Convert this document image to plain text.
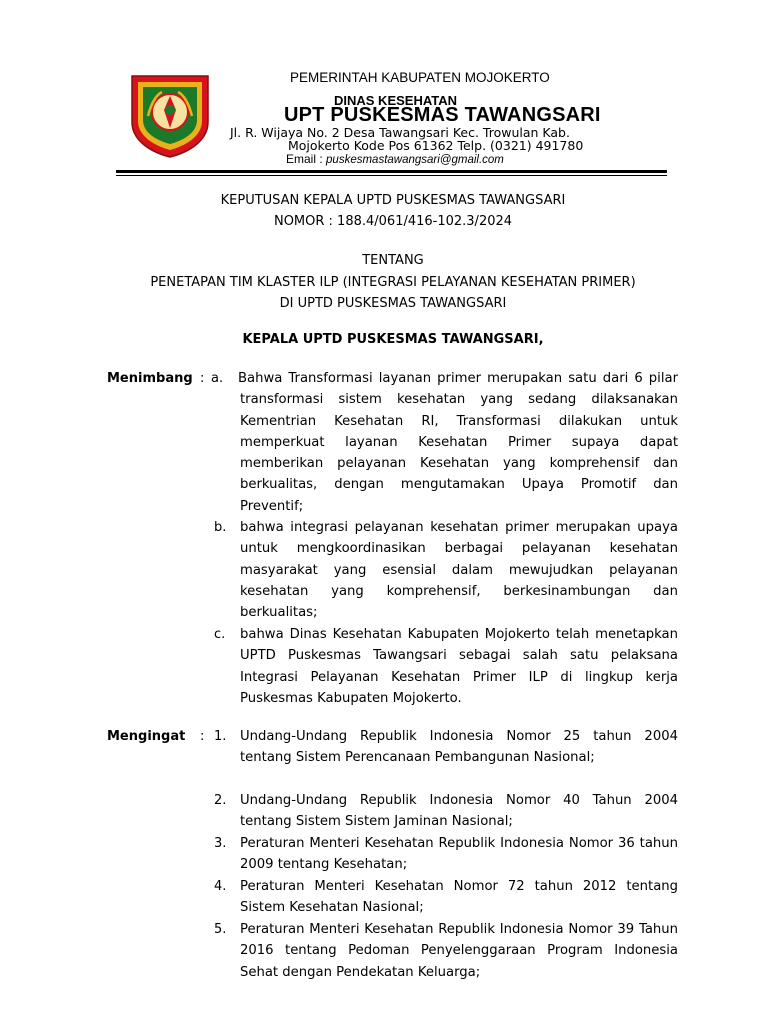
PEMERINTAH KABUPATEN MOJOKERTO
DINAS KESEHATAN
UPT PUSKESMAS TAWANGSARI
Jl. R. Wijaya No. 2 Desa Tawangsari Kec. Trowulan Kab.
Mojokerto Kode Pos 61362 Telp. (0321) 491780
Email : puskesmastawangsari@gmail.com
KEPUTUSAN KEPALA UPTD PUSKESMAS TAWANGSARI
NOMOR : 188.4/061/416-102.3/2024
TENTANG
PENETAPAN TIM KLASTER ILP (INTEGRASI PELAYANAN KESEHATAN PRIMER)
DI UPTD PUSKESMAS TAWANGSARI
KEPALA UPTD PUSKESMAS TAWANGSARI,
Menimbang : a. Bahwa Transformasi layanan primer merupakan satu dari 6 pilar transformasi sistem kesehatan yang sedang dilaksanakan Kementrian Kesehatan RI, Transformasi dilakukan untuk memperkuat layanan Kesehatan Primer supaya dapat memberikan pelayanan Kesehatan yang komprehensif dan berkualitas, dengan mengutamakan Upaya Promotif dan Preventif;
b. bahwa integrasi pelayanan kesehatan primer merupakan upaya untuk mengkoordinasikan berbagai pelayanan kesehatan masyarakat yang esensial dalam mewujudkan pelayanan kesehatan yang komprehensif, berkesinambungan dan berkualitas;
c. bahwa Dinas Kesehatan Kabupaten Mojokerto telah menetapkan UPTD Puskesmas Tawangsari sebagai salah satu pelaksana Integrasi Pelayanan Kesehatan Primer ILP di lingkup kerja Puskesmas Kabupaten Mojokerto.
Mengingat : 1. Undang-Undang Republik Indonesia Nomor 25 tahun 2004 tentang Sistem Perencanaan Pembangunan Nasional;
2. Undang-Undang Republik Indonesia Nomor 40 Tahun 2004 tentang Sistem Sistem Jaminan Nasional;
3. Peraturan Menteri Kesehatan Republik Indonesia Nomor 36 tahun 2009 tentang Kesehatan;
4. Peraturan Menteri Kesehatan Nomor 72 tahun 2012 tentang Sistem Kesehatan Nasional;
5. Peraturan Menteri Kesehatan Republik Indonesia Nomor 39 Tahun 2016 tentang Pedoman Penyelenggaraan Program Indonesia Sehat dengan Pendekatan Keluarga;
